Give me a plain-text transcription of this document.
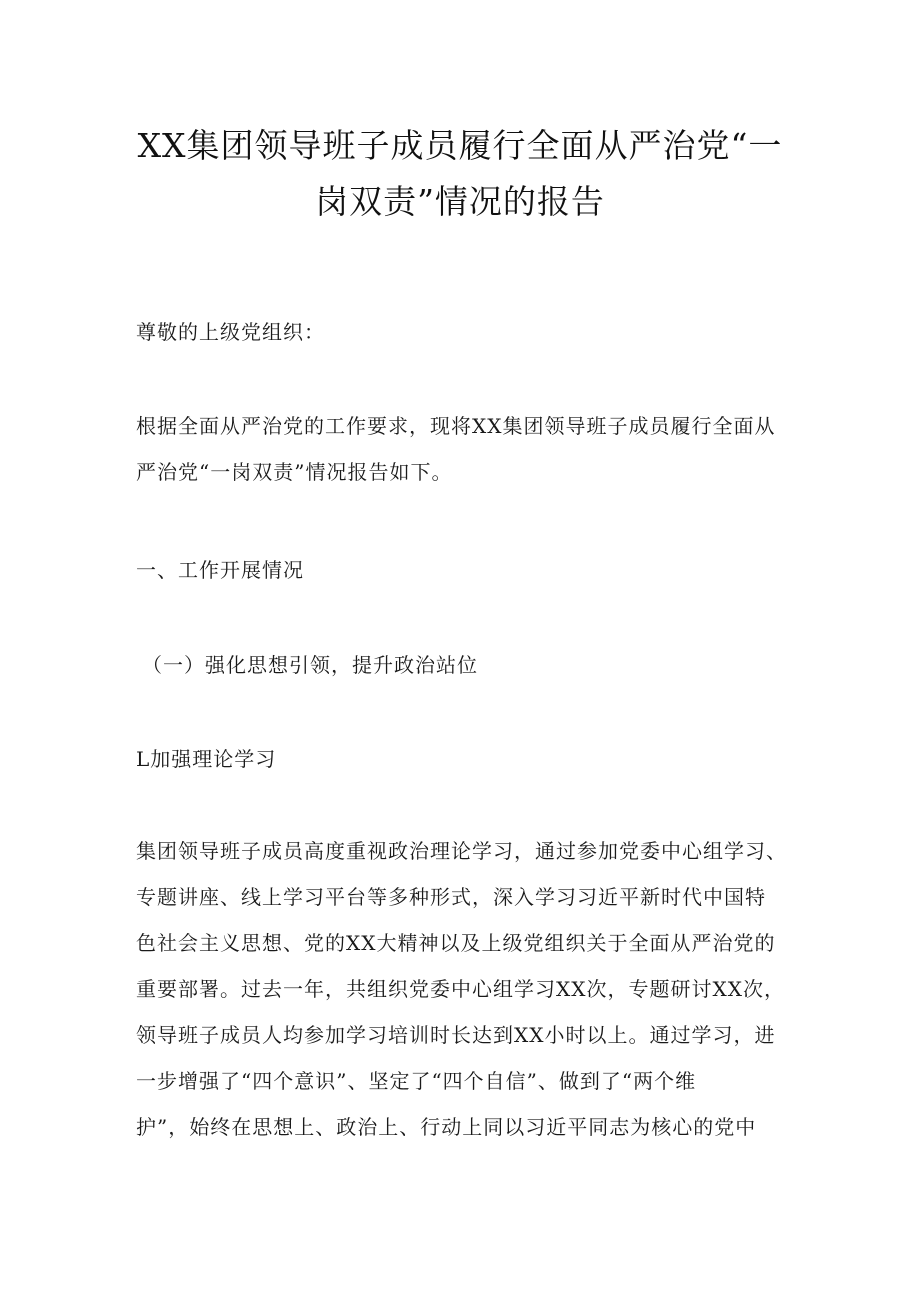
XX集团领导班子成员履行全面从严治党“一
岗双责”情况的报告
尊敬的上级党组织：
根据全面从严治党的工作要求，现将XX集团领导班子成员履行全面从
严治党“一岗双责”情况报告如下。
一、工作开展情况
（一）强化思想引领，提升政治站位
L加强理论学习
集团领导班子成员高度重视政治理论学习，通过参加党委中心组学习、
专题讲座、线上学习平台等多种形式，深入学习习近平新时代中国特
色社会主义思想、党的XX大精神以及上级党组织关于全面从严治党的
重要部署。过去一年，共组织党委中心组学习XX次，专题研讨XX次，
领导班子成员人均参加学习培训时长达到XX小时以上。通过学习，进
一步增强了“四个意识”、坚定了“四个自信”、做到了“两个维
护”，始终在思想上、政治上、行动上同以习近平同志为核心的党中
